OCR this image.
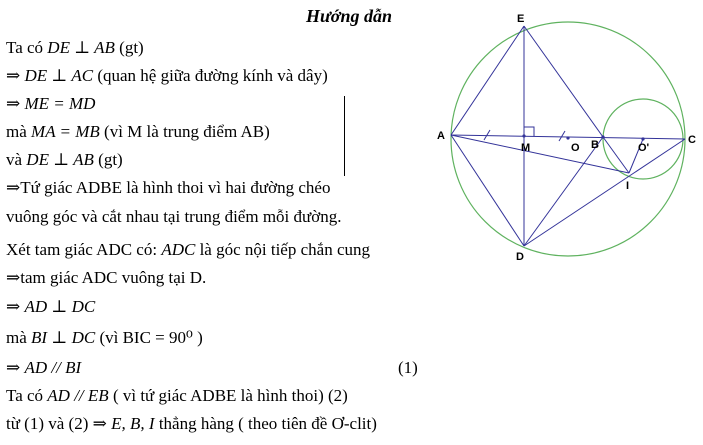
Hướng dẫn
Ta có DE ⊥ AB (gt)
⇒ DE ⊥ AC (quan hệ giữa đường kính và dây)
⇒ ME = MD
mà MA = MB (vì M là trung điểm AB)
và DE ⊥ AB (gt)
⇒Tứ giác ADBE là hình thoi vì hai đường chéo
vuông góc và cắt nhau tại trung điểm mỗi đường.
Xét tam giác ADC có: ADC là góc nội tiếp chắn cung
⇒tam giác ADC vuông tại D.
⇒ AD ⊥ DC
mà BI ⊥ DC (vì BIC = 90⁰ )
⇒ AD // BI
Ta có AD // EB ( vì tứ giác ADBE là hình thoi) (2)
từ (1) và (2) ⇒ E, B, I thẳng hàng ( theo tiên đề Ơ-clit)
(1)
E
A
M	O B	O'
C
I
D
